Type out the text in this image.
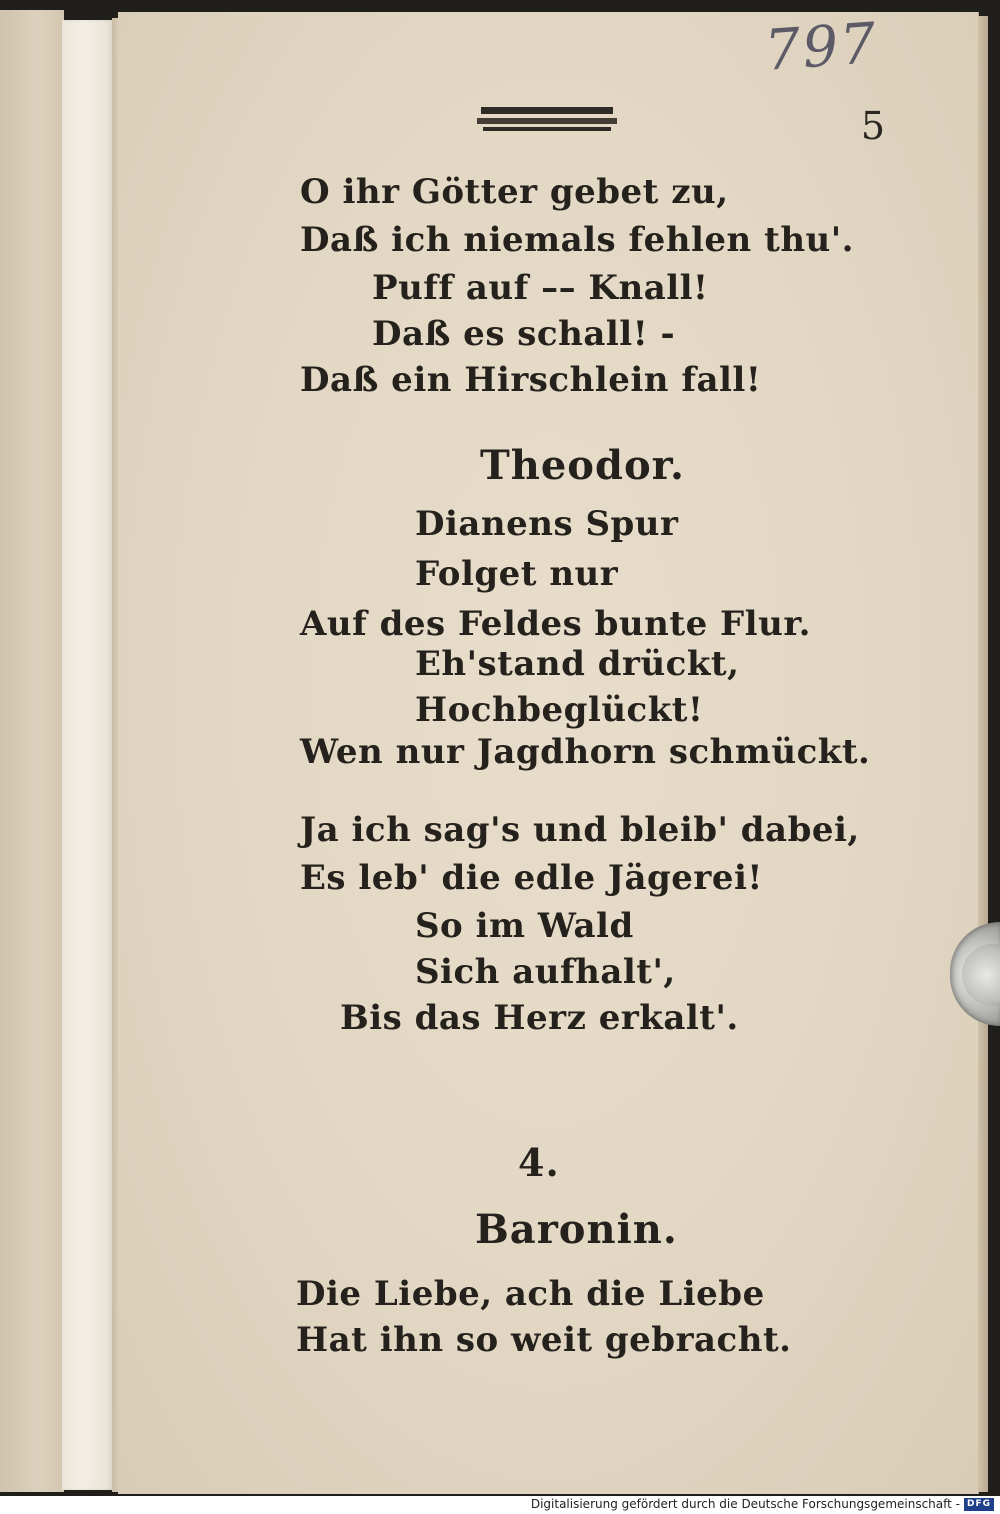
797
5
O ihr Götter gebet zu,
Daß ich niemals fehlen thu'.
Puff auf –– Knall!
Daß es schall! -
Daß ein Hirschlein fall!
Theodor.
Dianens Spur
Folget nur
Auf des Feldes bunte Flur.
Eh'stand drückt,
Hochbeglückt!
Wen nur Jagdhorn schmückt.
Ja ich sag's und bleib' dabei,
Es leb' die edle Jägerei!
So im Wald
Sich aufhalt',
Bis das Herz erkalt'.
4.
Baronin.
Die Liebe, ach die Liebe
Hat ihn so weit gebracht.
Digitalisierung gefördert durch die Deutsche Forschungsgemeinschaft - DFG
